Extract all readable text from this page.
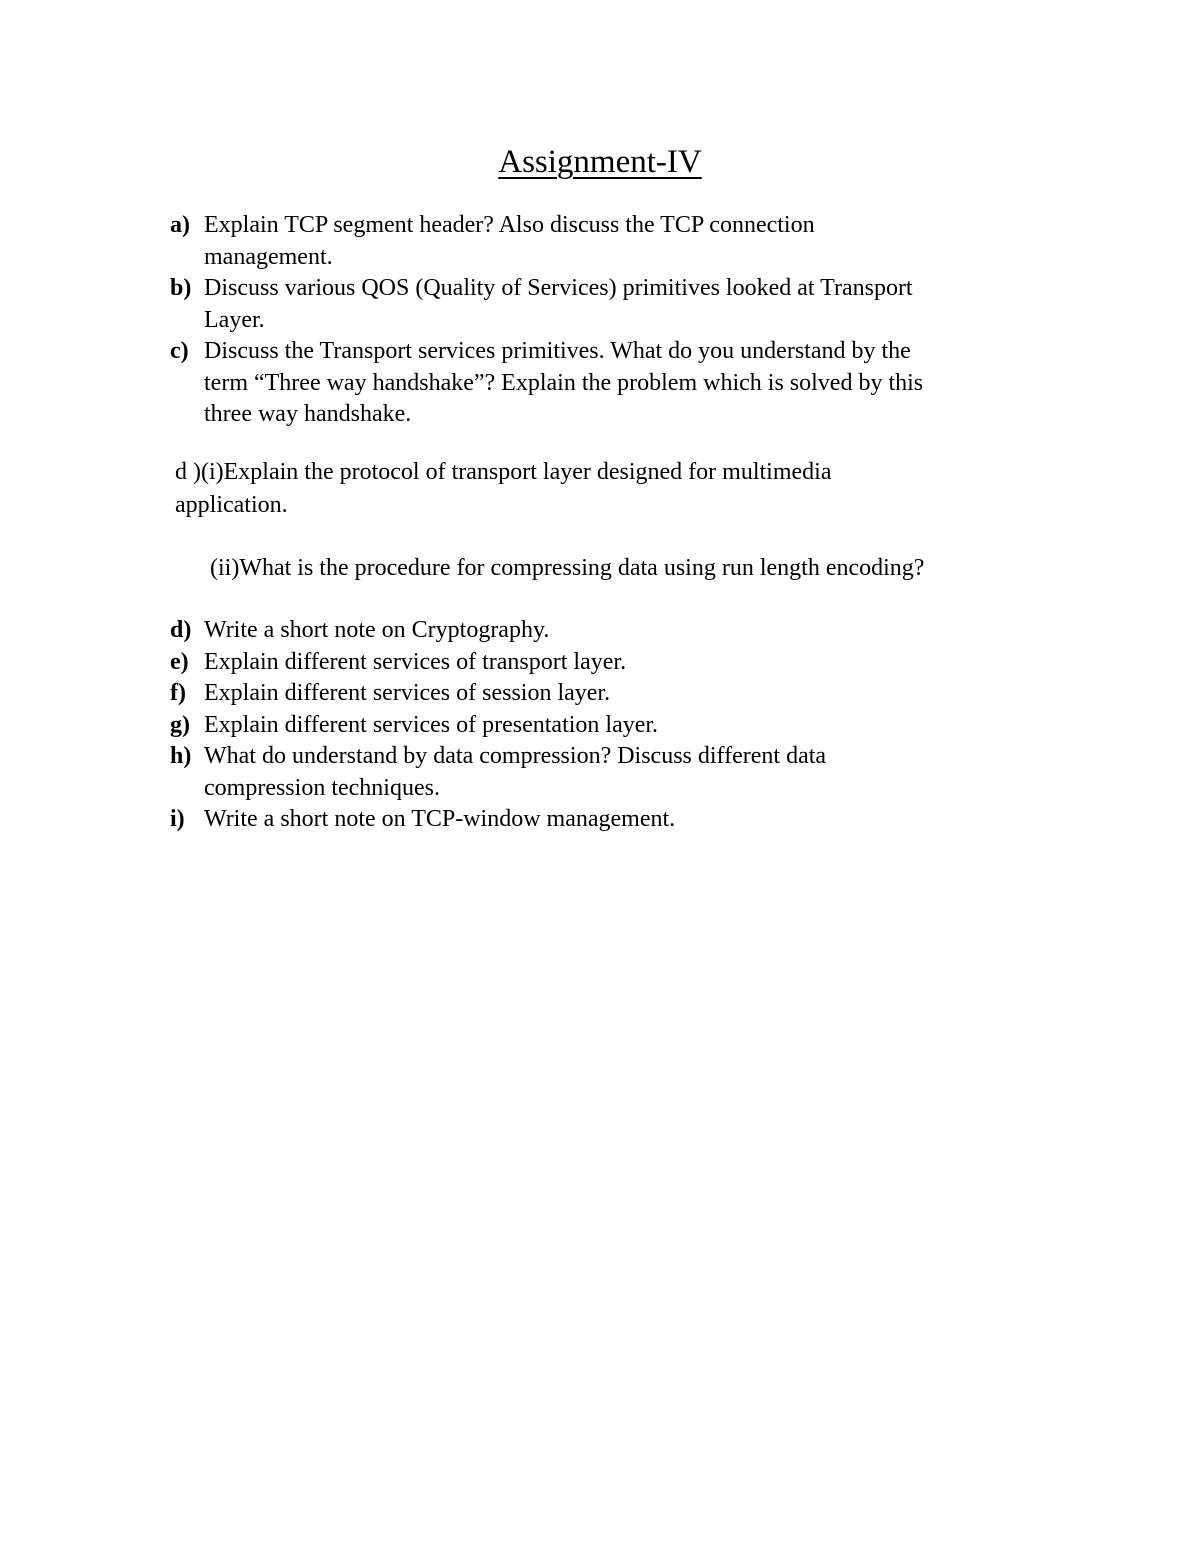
Assignment-IV
a) Explain TCP segment header? Also discuss the TCP connection
management.
b) Discuss various QOS (Quality of Services) primitives looked at Transport
Layer.
c) Discuss the Transport services primitives. What do you understand by the
term “Three way handshake”? Explain the problem which is solved by this
three way handshake.
d )(i)Explain the protocol of transport layer designed for multimedia
application.
(ii)What is the procedure for compressing data using run length encoding?
d) Write a short note on Cryptography.
e) Explain different services of transport layer.
f) Explain different services of session layer.
g) Explain different services of presentation layer.
h) What do understand by data compression? Discuss different data
compression techniques.
i) Write a short note on TCP-window management.
